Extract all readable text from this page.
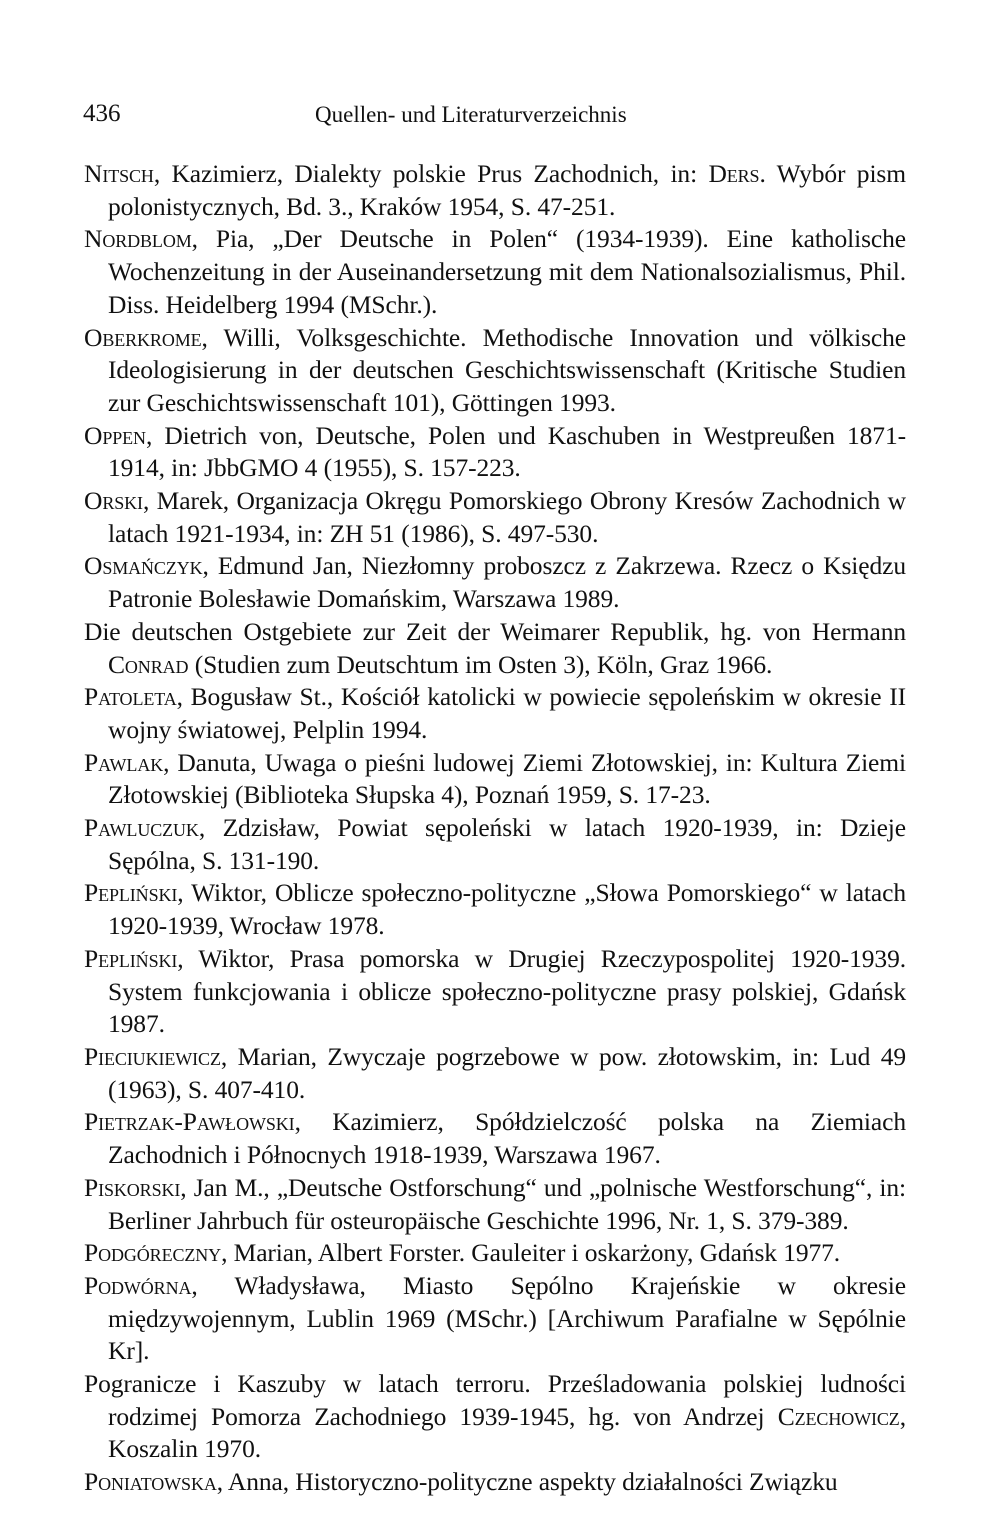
436	Quellen- und Literaturverzeichnis

Nitsch, Kazimierz, Dialekty polskie Prus Zachodnich, in: Ders. Wybór pism polonistycznych, Bd. 3., Kraków 1954, S. 47-251.

Nordblom, Pia, „Der Deutsche in Polen“ (1934-1939). Eine katholische Wochenzeitung in der Auseinandersetzung mit dem Nationalsozialismus, Phil. Diss. Heidelberg 1994 (MSchr.).

Oberkrome, Willi, Volksgeschichte. Methodische Innovation und völkische Ideologisierung in der deutschen Geschichtswissenschaft (Kritische Studien zur Geschichtswissenschaft 101), Göttingen 1993.

Oppen, Dietrich von, Deutsche, Polen und Kaschuben in Westpreußen 1871-1914, in: JbbGMO 4 (1955), S. 157-223.

Orski, Marek, Organizacja Okręgu Pomorskiego Obrony Kresów Zachodnich w latach 1921-1934, in: ZH 51 (1986), S. 497-530.

Osmańczyk, Edmund Jan, Niezłomny proboszcz z Zakrzewa. Rzecz o Księdzu Patronie Bolesławie Domańskim, Warszawa 1989.

Die deutschen Ostgebiete zur Zeit der Weimarer Republik, hg. von Hermann Conrad (Studien zum Deutschtum im Osten 3), Köln, Graz 1966.

Patoleta, Bogusław St., Kościół katolicki w powiecie sępoleńskim w okresie II wojny światowej, Pelplin 1994.

Pawlak, Danuta, Uwaga o pieśni ludowej Ziemi Złotowskiej, in: Kultura Ziemi Złotowskiej (Biblioteka Słupska 4), Poznań 1959, S. 17-23.

Pawluczuk, Zdzisław, Powiat sępoleński w latach 1920-1939, in: Dzieje Sępólna, S. 131-190.

Pepliński, Wiktor, Oblicze społeczno-polityczne „Słowa Pomorskiego“ w latach 1920-1939, Wrocław 1978.

Pepliński, Wiktor, Prasa pomorska w Drugiej Rzeczypospolitej 1920-1939. System funkcjowania i oblicze społeczno-polityczne prasy polskiej, Gdańsk 1987.

Pieciukiewicz, Marian, Zwyczaje pogrzebowe w pow. złotowskim, in: Lud 49 (1963), S. 407-410.

Pietrzak-Pawłowski, Kazimierz, Spółdzielczość polska na Ziemiach Zachodnich i Północnych 1918-1939, Warszawa 1967.

Piskorski, Jan M., „Deutsche Ostforschung“ und „polnische Westforschung“, in: Berliner Jahrbuch für osteuropäische Geschichte 1996, Nr. 1, S. 379-389.

Podgóreczny, Marian, Albert Forster. Gauleiter i oskarżony, Gdańsk 1977.

Podwórna, Władysława, Miasto Sępólno Krajeńskie w okresie międzywojennym, Lublin 1969 (MSchr.) [Archiwum Parafialne w Sępólnie Kr].

Pogranicze i Kaszuby w latach terroru. Prześladowania polskiej ludności rodzimej Pomorza Zachodniego 1939-1945, hg. von Andrzej Czechowicz, Koszalin 1970.

Poniatowska, Anna, Historyczno-polityczne aspekty działalności Związku
